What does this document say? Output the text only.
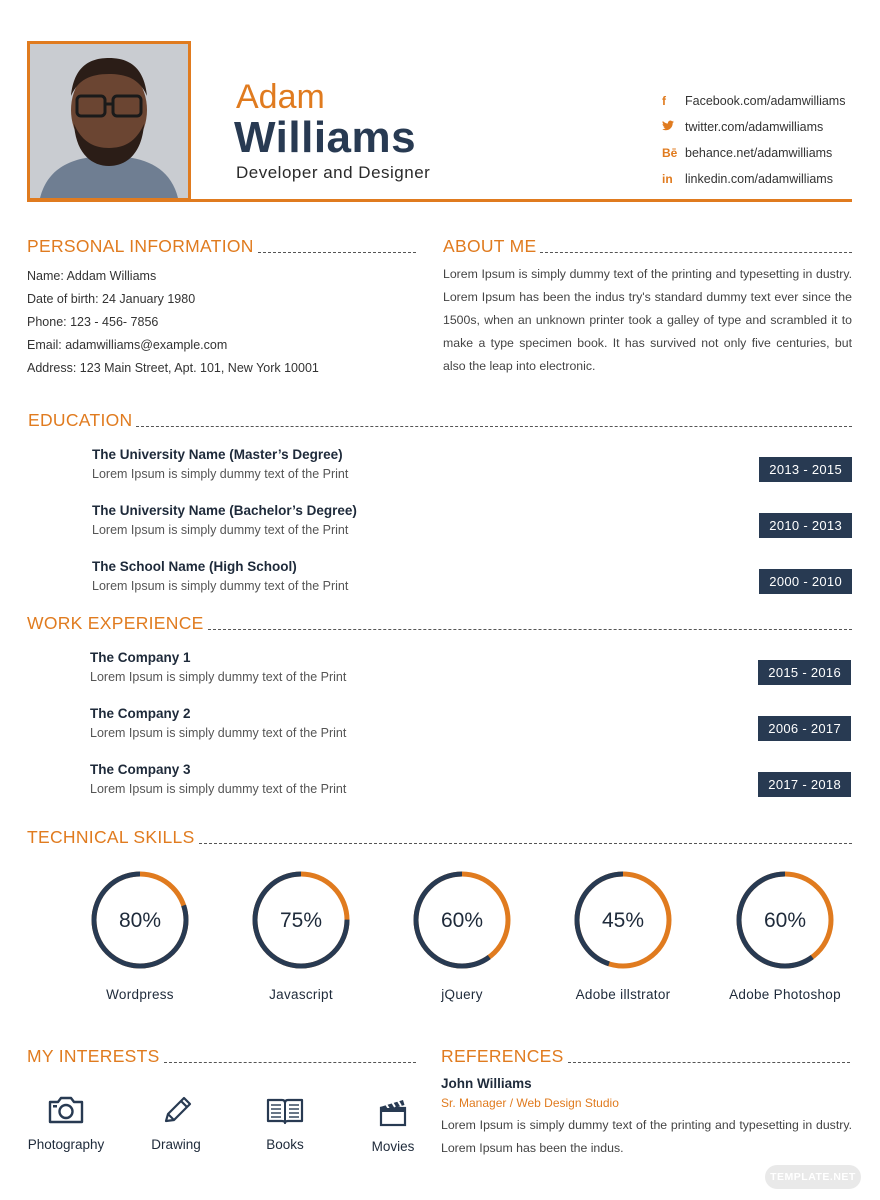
Adam
Williams
Developer and Designer
f	Facebook.com/adamwilliams
twitter.com/adamwilliams
Bē behance.net/adamwilliams
in linkedin.com/adamwilliams
PERSONAL INFORMATION
Name: Addam Williams
Date of birth: 24 January 1980
Phone: 123 - 456- 7856
Email: adamwilliams@example.com
Address: 123 Main Street, Apt. 101, New York 10001
ABOUT ME
Lorem Ipsum is simply dummy text of the printing and typesetting in dustry. Lorem Ipsum has been the indus try's standard dummy text ever since the 1500s, when an unknown printer took a galley of type and scrambled it to make a type specimen book. It has survived not only five centuries, but also the leap into electronic.
EDUCATION
The University Name (Master’s Degree)
Lorem Ipsum is simply dummy text of the Print	2013 - 2015
The University Name (Bachelor’s Degree)
Lorem Ipsum is simply dummy text of the Print	2010 - 2013
The School Name (High School)
Lorem Ipsum is simply dummy text of the Print	2000 - 2010
WORK EXPERIENCE
The Company 1
Lorem Ipsum is simply dummy text of the Print	2015 - 2016
The Company 2
Lorem Ipsum is simply dummy text of the Print	2006 - 2017
The Company 3
Lorem Ipsum is simply dummy text of the Print	2017 - 2018
TECHNICAL SKILLS
80%
Wordpress
75%
Javascript
60%
jQuery
45%
Adobe illstrator
60%
Adobe Photoshop
MY INTERESTS
Photography	Drawing	Books	Movies
REFERENCES
John Williams
Sr. Manager / Web Design Studio
Lorem Ipsum is simply dummy text of the printing and typesetting in dustry. Lorem Ipsum has been the indus.
TEMPLATE.NET
